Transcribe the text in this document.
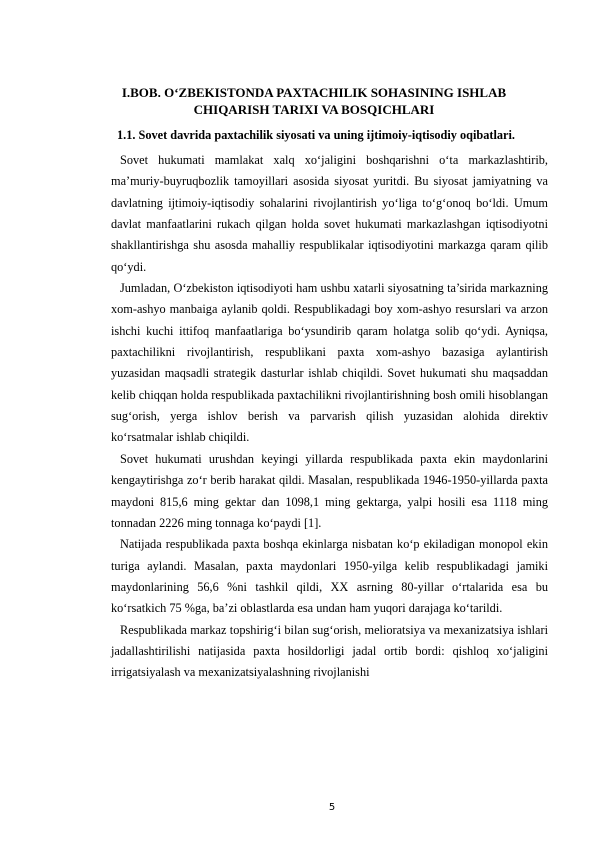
I.BOB. O‘ZBEKISTONDA PAXTACHILIK SOHASINING ISHLAB CHIQARISH TARIXI VA BOSQICHLARI
1.1. Sovet davrida paxtachilik siyosati va uning ijtimoiy-iqtisodiy oqibatlari.

Sovet hukumati mamlakat xalq xo‘jaligini boshqarishni o‘ta markazlashtirib, ma’muriy-buyruqbozlik tamoyillari asosida siyosat yuritdi. Bu siyosat jamiyatning va davlatning ijtimoiy-iqtisodiy sohalarini rivojlantirish yo‘liga to‘g‘onoq bo‘ldi. Umum davlat manfaatlarini rukach qilgan holda sovet hukumati markazlashgan iqtisodiyotni shakllantirishga shu asosda mahalliy respublikalar iqtisodiyotini markazga qaram qilib qo‘ydi.

Jumladan, O‘zbekiston iqtisodiyoti ham ushbu xatarli siyosatning ta’sirida markazning xom-ashyo manbaiga aylanib qoldi. Respublikadagi boy xom-ashyo resurslari va arzon ishchi kuchi ittifoq manfaatlariga bo‘ysundirib qaram holatga solib qo‘ydi. Ayniqsa, paxtachilikni rivojlantirish, respublikani paxta xom-ashyo bazasiga aylantirish yuzasidan maqsadli strategik dasturlar ishlab chiqildi. Sovet hukumati shu maqsaddan kelib chiqqan holda respublikada paxtachilikni rivojlantirishning bosh omili hisoblangan sug‘orish, yerga ishlov berish va parvarish qilish yuzasidan alohida direktiv ko‘rsatmalar ishlab chiqildi.

Sovet hukumati urushdan keyingi yillarda respublikada paxta ekin maydonlarini kengaytirishga zo‘r berib harakat qildi. Masalan, respublikada 1946-1950-yillarda paxta maydoni 815,6 ming gektar dan 1098,1 ming gektarga, yalpi hosili esa 1118 ming tonnadan 2226 ming tonnaga ko‘paydi [1].

Natijada respublikada paxta boshqa ekinlarga nisbatan ko‘p ekiladigan monopol ekin turiga aylandi. Masalan, paxta maydonlari 1950-yilga kelib respublikadagi jamiki maydonlarining 56,6 %ni tashkil qildi, XX asrning 80-yillar o‘rtalarida esa bu ko‘rsatkich 75 %ga, ba’zi oblastlarda esa undan ham yuqori darajaga ko‘tarildi.

Respublikada markaz topshirig‘i bilan sug‘orish, melioratsiya va mexanizatsiya ishlari jadallashtirilishi natijasida paxta hosildorligi jadal ortib bordi: qishloq xo‘jaligini irrigatsiyalash va mexanizatsiyalashning rivojlanishi

5
